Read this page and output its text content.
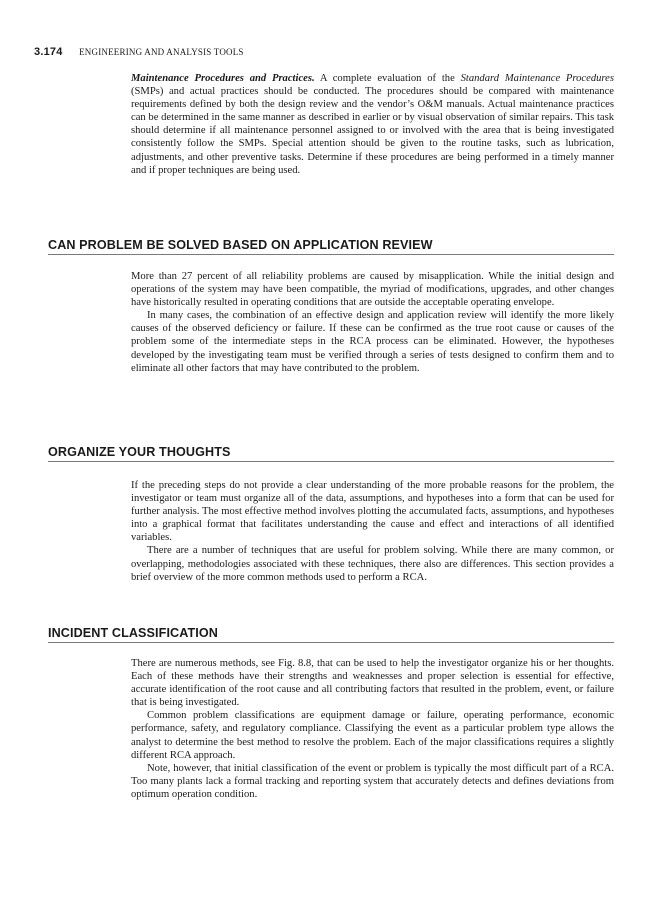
3.174 ENGINEERING AND ANALYSIS TOOLS

Maintenance Procedures and Practices. A complete evaluation of the Standard Maintenance Procedures (SMPs) and actual practices should be conducted. The procedures should be compared with maintenance requirements defined by both the design review and the vendor’s O&M manuals. Actual maintenance practices can be determined in the same manner as described in earlier or by visual observation of similar repairs. This task should determine if all maintenance personnel assigned to or involved with the area that is being investigated consistently follow the SMPs. Special attention should be given to the routine tasks, such as lubrication, adjustments, and other preventive tasks. Determine if these procedures are being performed in a timely manner and if proper techniques are being used.

CAN PROBLEM BE SOLVED BASED ON APPLICATION REVIEW

More than 27 percent of all reliability problems are caused by misapplication. While the initial design and operations of the system may have been compatible, the myriad of modifications, upgrades, and other changes have historically resulted in operating conditions that are outside the acceptable operating envelope.

In many cases, the combination of an effective design and application review will identify the more likely causes of the observed deficiency or failure. If these can be confirmed as the true root cause or causes of the problem some of the intermediate steps in the RCA process can be eliminated. However, the hypotheses developed by the investigating team must be verified through a series of tests designed to confirm them and to eliminate all other factors that may have contributed to the problem.

ORGANIZE YOUR THOUGHTS

If the preceding steps do not provide a clear understanding of the more probable reasons for the problem, the investigator or team must organize all of the data, assumptions, and hypotheses into a form that can be used for further analysis. The most effective method involves plotting the accumulated facts, assumptions, and hypotheses into a graphical format that facilitates understanding the cause and effect and interactions of all identified variables.

There are a number of techniques that are useful for problem solving. While there are many common, or overlapping, methodologies associated with these techniques, there also are differences. This section provides a brief overview of the more common methods used to perform a RCA.

INCIDENT CLASSIFICATION

There are numerous methods, see Fig. 8.8, that can be used to help the investigator organize his or her thoughts. Each of these methods have their strengths and weaknesses and proper selection is essential for effective, accurate identification of the root cause and all contributing factors that resulted in the problem, event, or failure that is being investigated.

Common problem classifications are equipment damage or failure, operating performance, economic performance, safety, and regulatory compliance. Classifying the event as a particular problem type allows the analyst to determine the best method to resolve the problem. Each of the major classifications requires a slightly different RCA approach.

Note, however, that initial classification of the event or problem is typically the most difficult part of a RCA. Too many plants lack a formal tracking and reporting system that accurately detects and defines deviations from optimum operation condition.
